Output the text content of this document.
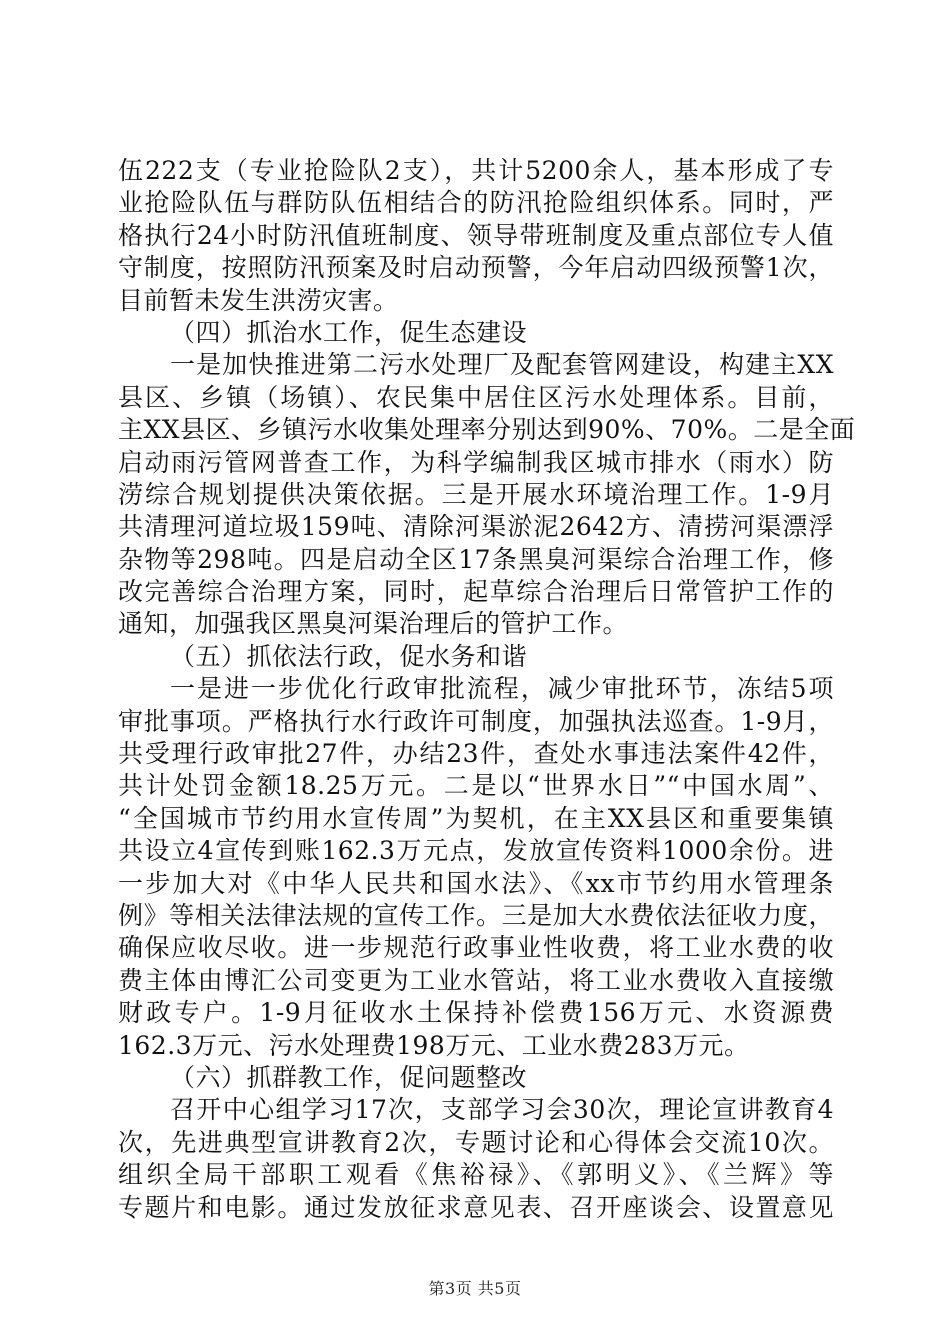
伍222支（专业抢险队2支），共计5200余人，基本形成了专
业抢险队伍与群防队伍相结合的防汛抢险组织体系。同时，严
格执行24小时防汛值班制度、领导带班制度及重点部位专人值
守制度，按照防汛预案及时启动预警，今年启动四级预警1次，
目前暂未发生洪涝灾害。
（四）抓治水工作，促生态建设
一是加快推进第二污水处理厂及配套管网建设，构建主XX
县区、乡镇（场镇）、农民集中居住区污水处理体系。目前，
主XX县区、乡镇污水收集处理率分别达到90%、70%。二是全面
启动雨污管网普查工作，为科学编制我区城市排水（雨水）防
涝综合规划提供决策依据。三是开展水环境治理工作。1-9月
共清理河道垃圾159吨、清除河渠淤泥2642方、清捞河渠漂浮
杂物等298吨。四是启动全区17条黑臭河渠综合治理工作，修
改完善综合治理方案，同时，起草综合治理后日常管护工作的
通知，加强我区黑臭河渠治理后的管护工作。
（五）抓依法行政，促水务和谐
一是进一步优化行政审批流程，减少审批环节，冻结5项
审批事项。严格执行水行政许可制度，加强执法巡查。1-9月，
共受理行政审批27件，办结23件，查处水事违法案件42件，
共计处罚金额18.25万元。二是以“世界水日”“中国水周”、
“全国城市节约用水宣传周”为契机，在主XX县区和重要集镇
共设立4宣传到账162.3万元点，发放宣传资料1000余份。进
一步加大对《中华人民共和国水法》、《xx市节约用水管理条
例》等相关法律法规的宣传工作。三是加大水费依法征收力度，
确保应收尽收。进一步规范行政事业性收费，将工业水费的收
费主体由博汇公司变更为工业水管站，将工业水费收入直接缴
财政专户。1-9月征收水土保持补偿费156万元、水资源费
162.3万元、污水处理费198万元、工业水费283万元。
（六）抓群教工作，促问题整改
召开中心组学习17次，支部学习会30次，理论宣讲教育4
次，先进典型宣讲教育2次，专题讨论和心得体会交流10次。
组织全局干部职工观看《焦裕禄》、《郭明义》、《兰辉》等
专题片和电影。通过发放征求意见表、召开座谈会、设置意见
第3页 共5页
